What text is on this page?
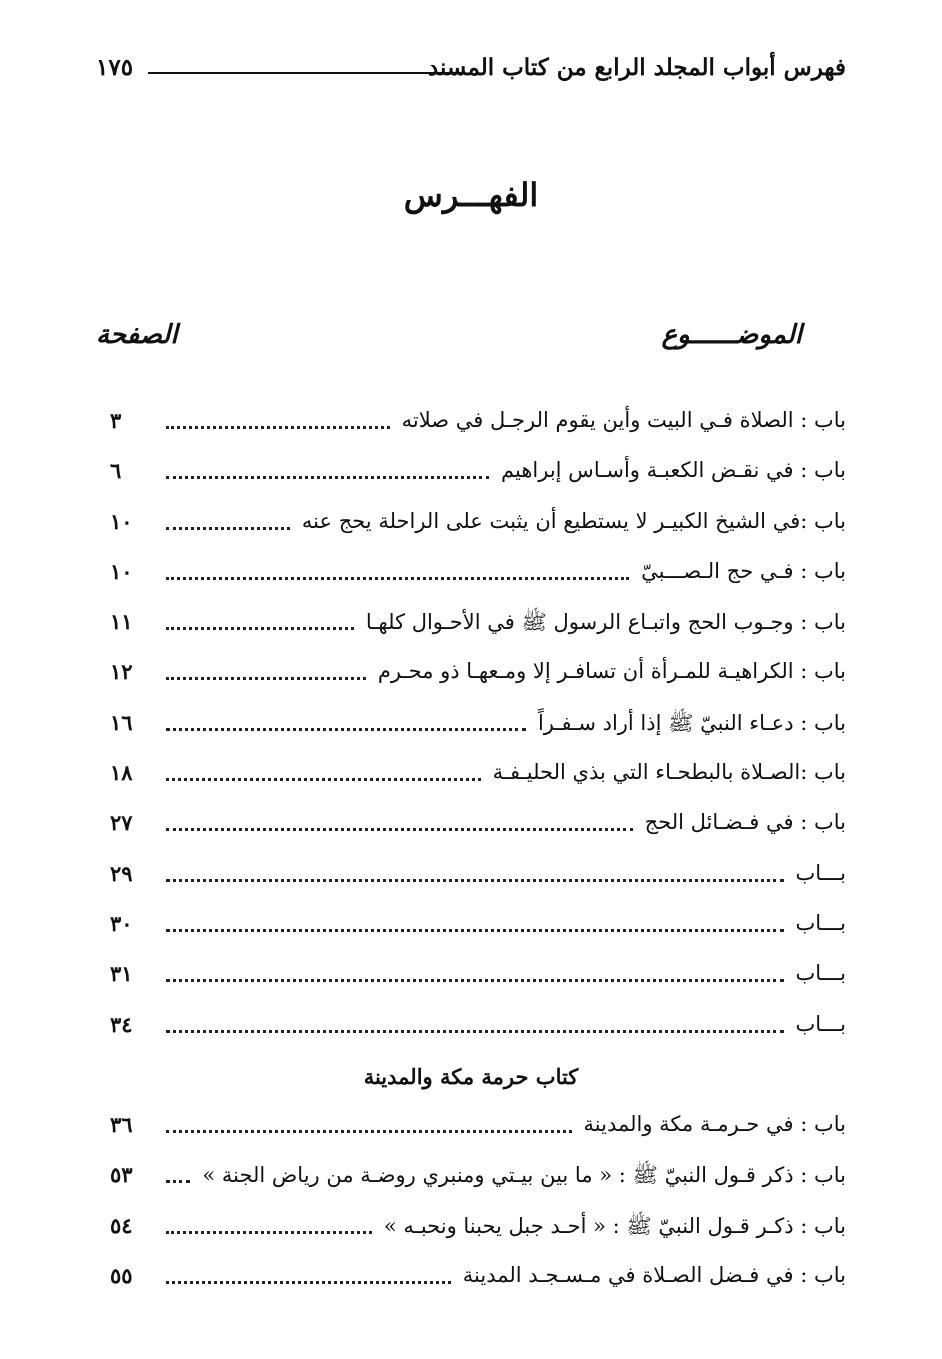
فهرس أبواب المجلد الرابع من كتاب المسند
١٧٥
الفهـــرس
الموضــــــوع
الصفحة
باب : الصلاة فـي البيت وأين يقوم الرجـل في صلاته
٣
باب : في نقـض الكعبـة وأسـاس إبراهيم
٦
باب :في الشيخ الكبيـر لا يستطيع أن يثبت على الراحلة يحج عنه
١٠
باب : فـي حج الـصـــبيّ
١٠
باب : وجـوب الحج واتبـاع الرسول ﷺ في الأحـوال كلهـا
١١
باب : الكراهيـة للمـرأة أن تسافـر إلا ومـعهـا ذو محـرم
١٢
باب : دعـاء النبيّ ﷺ إذا أراد سـفـراً
١٦
باب :الصـلاة بالبطحـاء التي بذي الحليـفـة
١٨
باب : في فـضـائل الحج
٢٧
بـــاب
٢٩
بـــاب
٣٠
بـــاب
٣١
بـــاب
٣٤
كتاب حرمة مكة والمدينة
باب : في حـرمـة مكة والمدينة
٣٦
باب : ذكر قـول النبيّ ﷺ : « ما بين بيـتي ومنبري روضـة من رياض الجنة »
٥٣
باب : ذكـر قـول النبيّ ﷺ : « أحـد جبل يحبنا ونحبـه »
٥٤
باب : في فـضل الصـلاة في مـسـجـد المدينة
٥٥
